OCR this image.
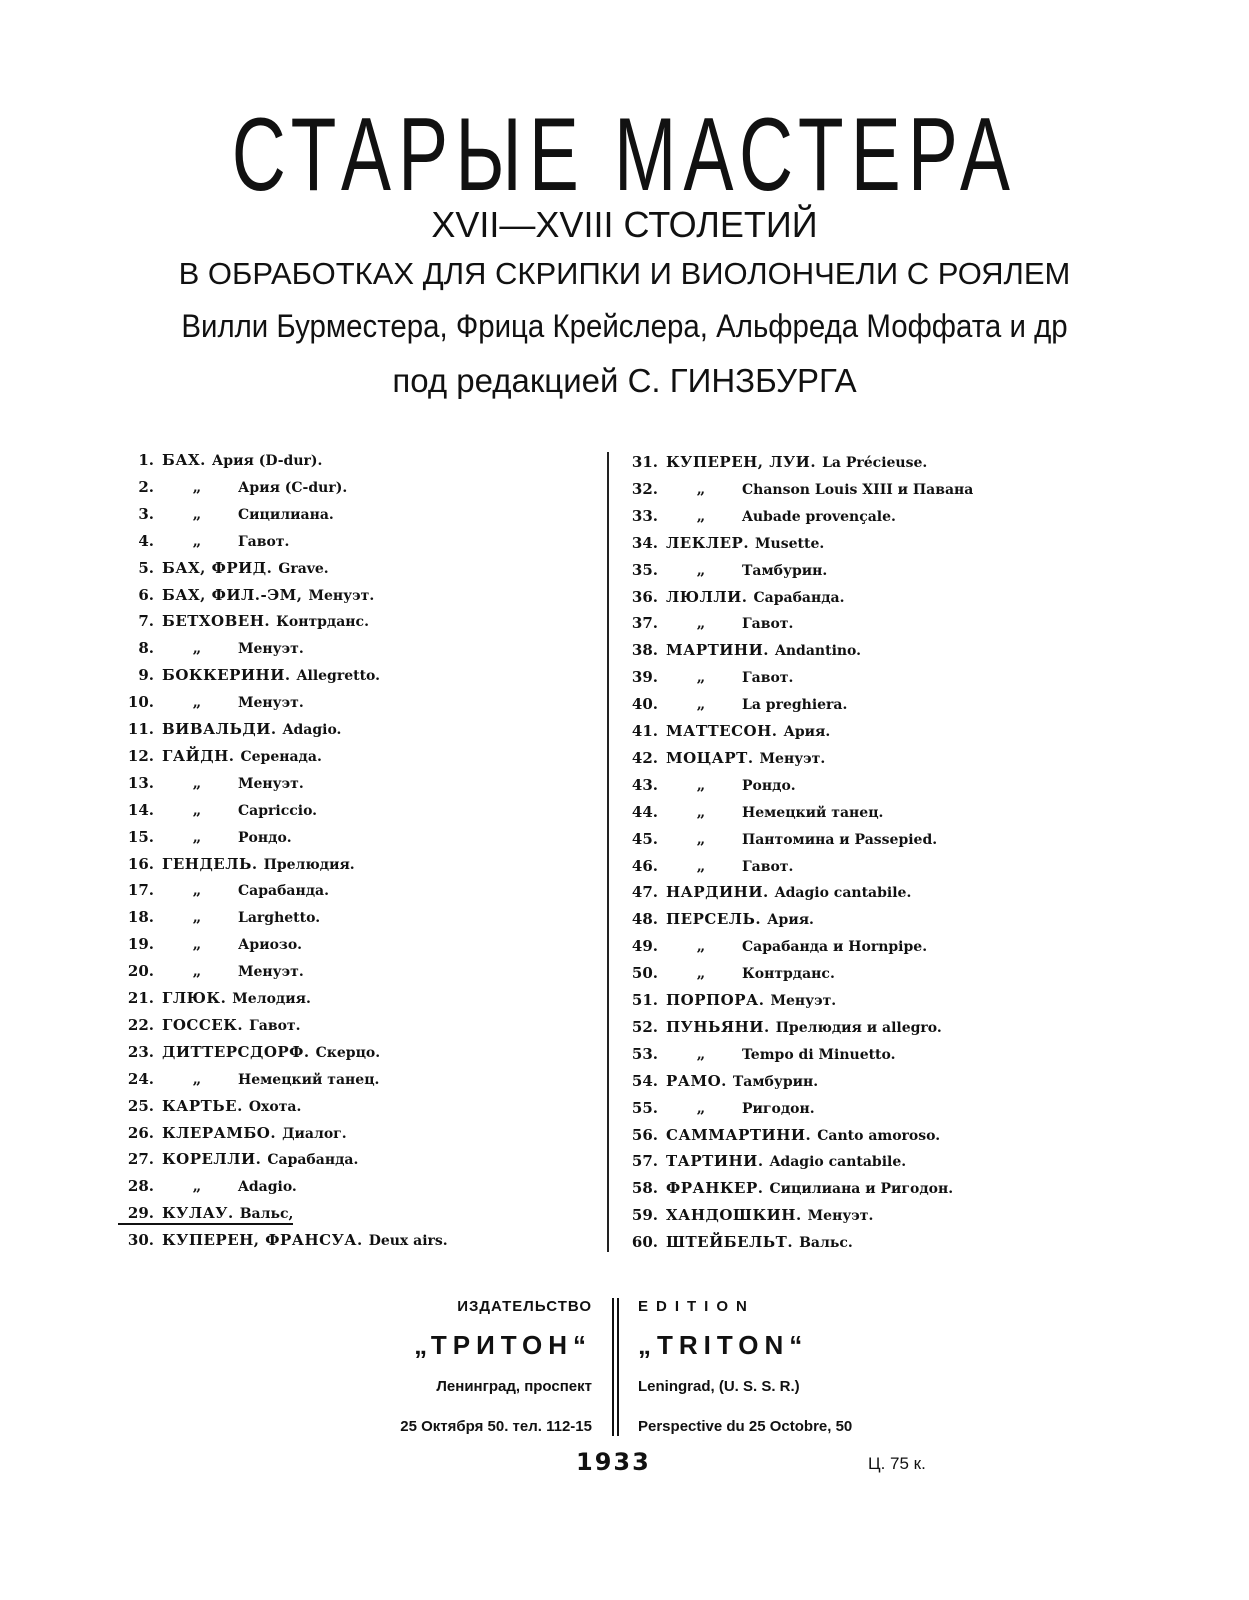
СТАРЫЕ МАСТЕРА
XVII—XVIII СТОЛЕТИЙ
В ОБРАБОТКАХ ДЛЯ СКРИПКИ И ВИОЛОНЧЕЛИ С РОЯЛЕМ
Вилли Бурместера, Фрица Крейслера, Альфреда Моффата и др
под редакцией С. ГИНЗБУРГА
1. БАХ. Ария (D-dur).
2.	„	Ария (C-dur).
3.	„	Сицилиана.
4.	„	Гавот.
5. БАХ, ФРИД. Grave.
6. БАХ, ФИЛ.-ЭМ, Менуэт.
7. БЕТХОВЕН. Контрданс.
8.	„	Менуэт.
9. БОККЕРИНИ. Allegretto.
10.	„	Менуэт.
11. ВИВАЛЬДИ. Adagio.
12. ГАЙДН. Серенада.
13.	„	Менуэт.
14.	„	Capriccio.
15.	„	Рондо.
16. ГЕНДЕЛЬ. Прелюдия.
17.	„	Сарабанда.
18.	„	Larghetto.
19.	„	Ариозо.
20.	„	Менуэт.
21. ГЛЮК. Мелодия.
22. ГОССЕК. Гавот.
23. ДИТТЕРСДОРФ. Скерцо.
24.	„	Немецкий танец.
25. КАРТЬЕ. Охота.
26. КЛЕРАМБО. Диалог.
27. КОРЕЛЛИ. Сарабанда.
28.	„	Adagio.
29. КУЛАУ. Вальс,
30. КУПЕРЕН, ФРАНСУА. Deux airs.
31. КУПЕРЕН, ЛУИ. La Précieuse.
32.	„	Chanson Louis XIII и Павана
33.	„	Aubade provençale.
34. ЛЕКЛЕР. Musette.
35.	„	Тамбурин.
36. ЛЮЛЛИ. Сарабанда.
37.	„	Гавот.
38. МАРТИНИ. Andantino.
39.	„	Гавот.
40.	„	La preghiera.
41. МАТТЕСОН. Ария.
42. МОЦАРТ. Менуэт.
43.	„	Рондо.
44.	„	Немецкий танец.
45.	„	Пантомина и Passepied.
46.	„	Гавот.
47. НАРДИНИ. Adagio cantabile.
48. ПЕРСЕЛЬ. Ария.
49.	„	Сарабанда и Hornpipe.
50.	„	Контрданс.
51. ПОРПОРА. Менуэт.
52. ПУНЬЯНИ. Прелюдия и allegro.
53.	„	Tempo di Minuetto.
54. РАМО. Тамбурин.
55.	„	Ригодон.
56. САММАРТИНИ. Canto amoroso.
57. ТАРТИНИ. Adagio cantabile.
58. ФРАНКЕР. Сицилиана и Ригодон.
59. ХАНДОШКИН. Менуэт.
60. ШТЕЙБЕЛЬТ. Вальс.
ИЗДАТЕЛЬСТВО
„ТРИТОН“
Ленинград, проспект
25 Октября 50. тел. 112-15
EDITION
„TRITON“
Leningrad, (U. S. S. R.)
Perspective du 25 Octobre, 50
1933	Ц. 75 к.
